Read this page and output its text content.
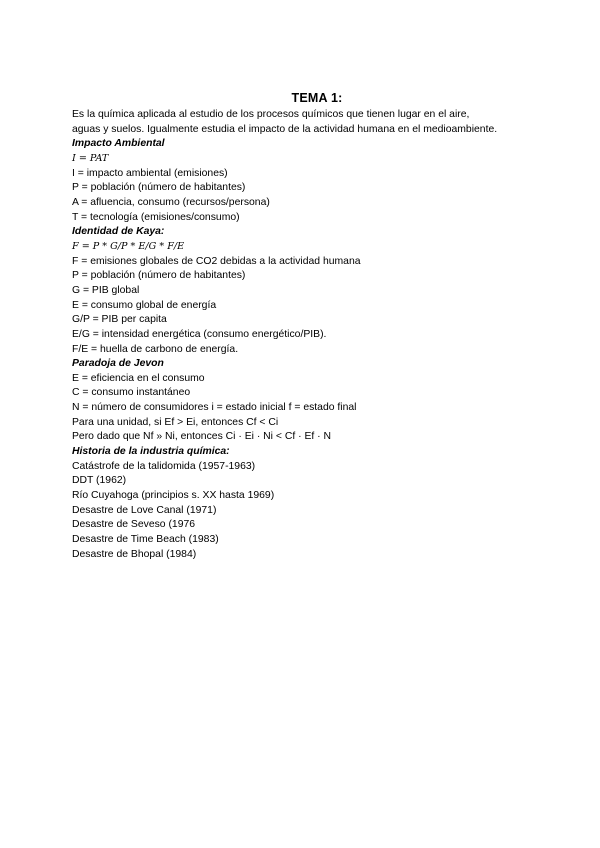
TEMA 1:
Es la química aplicada al estudio de los procesos químicos que tienen lugar en el aire,
aguas y suelos. Igualmente estudia el impacto de la actividad humana en el medioambiente.
Impacto Ambiental
I = PAT
I = impacto ambiental (emisiones)
P = población (número de habitantes)
A = afluencia, consumo (recursos/persona)
T = tecnología (emisiones/consumo)
Identidad de Kaya:
F = P * G/P * E/G * F/E
F = emisiones globales de CO2 debidas a la actividad humana
P = población (número de habitantes)
G = PIB global
E = consumo global de energía
G/P = PIB per capita
E/G = intensidad energética (consumo energético/PIB).
F/E = huella de carbono de energía.
Paradoja de Jevon
E = eficiencia en el consumo
C = consumo instantáneo
N = número de consumidores i = estado inicial f = estado final
Para una unidad, si Ef > Ei, entonces Cf < Ci
Pero dado que Nf » Ni, entonces Ci · Ei · Ni < Cf · Ef · N
Historia de la industria química:
Catástrofe de la talidomida (1957-1963)
DDT (1962)
Río Cuyahoga (principios s. XX hasta 1969)
Desastre de Love Canal (1971)
Desastre de Seveso (1976
Desastre de Time Beach (1983)
Desastre de Bhopal (1984)
